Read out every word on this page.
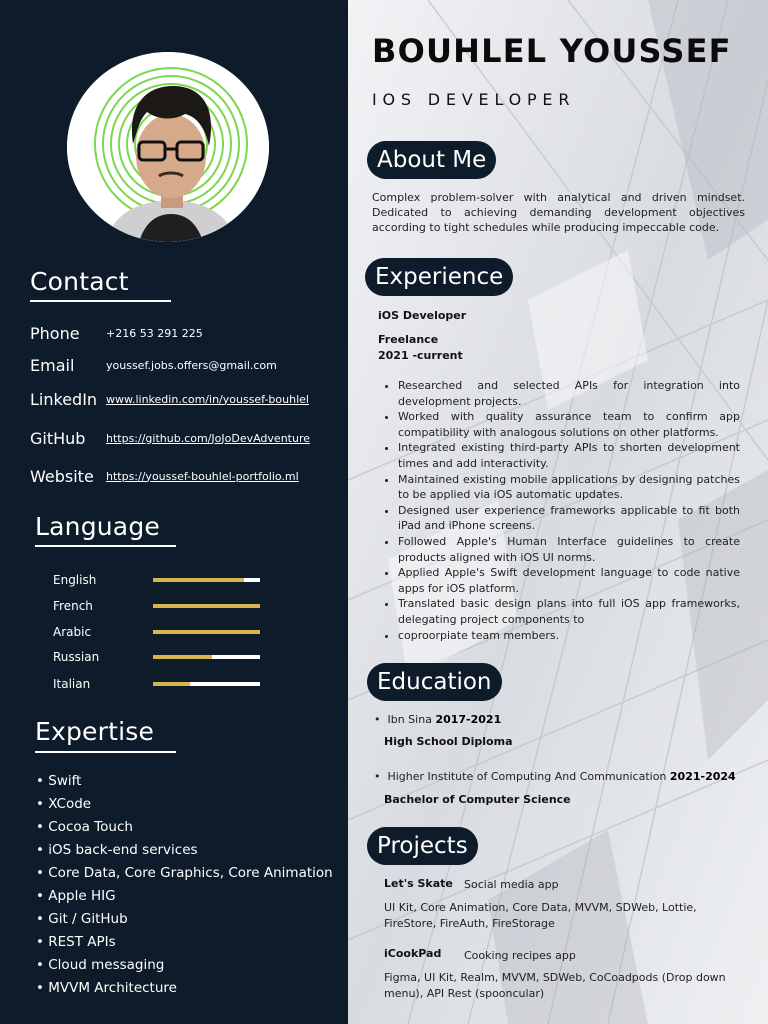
Contact
Phone	+216 53 291 225
Email	youssef.jobs.offers@gmail.com
LinkedIn www.linkedin.com/in/youssef-bouhlel
GitHub	https://github.com/JoJoDevAdventure
Website	https://youssef-bouhlel-portfolio.ml
Language
English
French
Arabic
Russian
Italian
Expertise
• Swift
• XCode
• Cocoa Touch
• iOS back-end services
• Core Data, Core Graphics, Core Animation
• Apple HIG
• Git / GitHub
• REST APIs
• Cloud messaging
• MVVM Architecture
BOUHLEL YOUSSEF
IOS DEVELOPER
About Me
Complex problem-solver with analytical and driven mindset. Dedicated to achieving demanding development objectives according to tight schedules while producing impeccable code.
Experience
iOS Developer
Freelance
2021 -current
• Researched and selected APIs for integration into development projects.
• Worked with quality assurance team to confirm app compatibility with analogous solutions on other platforms.
• Integrated existing third-party APIs to shorten development times and add interactivity.
• Maintained existing mobile applications by designing patches to be applied via iOS automatic updates.
• Designed user experience frameworks applicable to fit both iPad and iPhone screens.
• Followed Apple's Human Interface guidelines to create products aligned with iOS UI norms.
• Applied Apple's Swift development language to code native apps for iOS platform.
• Translated basic design plans into full iOS app frameworks, delegating project components to
• coproorpiate team members.
Education
•  Ibn Sina 2017-2021
High School Diploma
•  Higher Institute of Computing And Communication 2021-2024
Bachelor of Computer Science
Projects
Let's Skate Social media app
UI Kit, Core Animation, Core Data, MVVM, SDWeb, Lottie, FireStore, FireAuth, FireStorage
iCookPad Cooking recipes app
Figma, UI Kit, Realm, MVVM, SDWeb, CoCoadpods (Drop down menu), API Rest (spooncular)
